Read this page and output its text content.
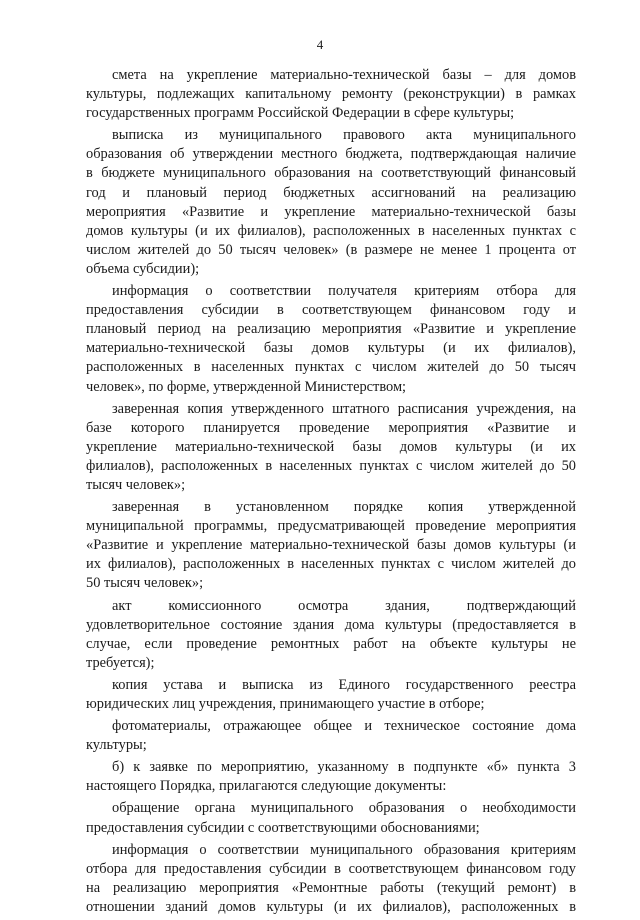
4
смета на укрепление материально-технической базы – для домов
культуры, подлежащих капитальному ремонту (реконструкции) в рамках
государственных программ Российской Федерации в сфере культуры;
выписка из муниципального правового акта муниципального
образования об утверждении местного бюджета, подтверждающая наличие
в бюджете муниципального образования на соответствующий финансовый
год и плановый период бюджетных ассигнований на реализацию
мероприятия «Развитие и укрепление материально-технической базы
домов культуры (и их филиалов), расположенных в населенных пунктах с
числом жителей до 50 тысяч человек» (в размере не менее 1 процента от
объема субсидии);
информация о соответствии получателя критериям отбора для
предоставления субсидии в соответствующем финансовом году и
плановый период на реализацию мероприятия «Развитие и укрепление
материально-технической базы домов культуры (и их филиалов),
расположенных в населенных пунктах с числом жителей до 50 тысяч
человек», по форме, утвержденной Министерством;
заверенная копия утвержденного штатного расписания учреждения, на
базе которого планируется проведение мероприятия «Развитие и
укрепление материально-технической базы домов культуры (и их
филиалов), расположенных в населенных пунктах с числом жителей до 50
тысяч человек»;
заверенная в установленном порядке копия утвержденной
муниципальной программы, предусматривающей проведение мероприятия
«Развитие и укрепление материально-технической базы домов культуры (и
их филиалов), расположенных в населенных пунктах с числом жителей до
50 тысяч человек»;
акт комиссионного осмотра здания, подтверждающий
удовлетворительное состояние здания дома культуры (предоставляется в
случае, если проведение ремонтных работ на объекте культуры не
требуется);
копия устава и выписка из Единого государственного реестра
юридических лиц учреждения, принимающего участие в отборе;
фотоматериалы, отражающее общее и техническое состояние дома
культуры;
б) к заявке по мероприятию, указанному в подпункте «б» пункта 3
настоящего Порядка, прилагаются следующие документы:
обращение органа муниципального образования о необходимости
предоставления субсидии с соответствующими обоснованиями;
информация о соответствии муниципального образования критериям
отбора для предоставления субсидии в соответствующем финансовом году
на реализацию мероприятия «Ремонтные работы (текущий ремонт) в
отношении зданий домов культуры (и их филиалов), расположенных в
